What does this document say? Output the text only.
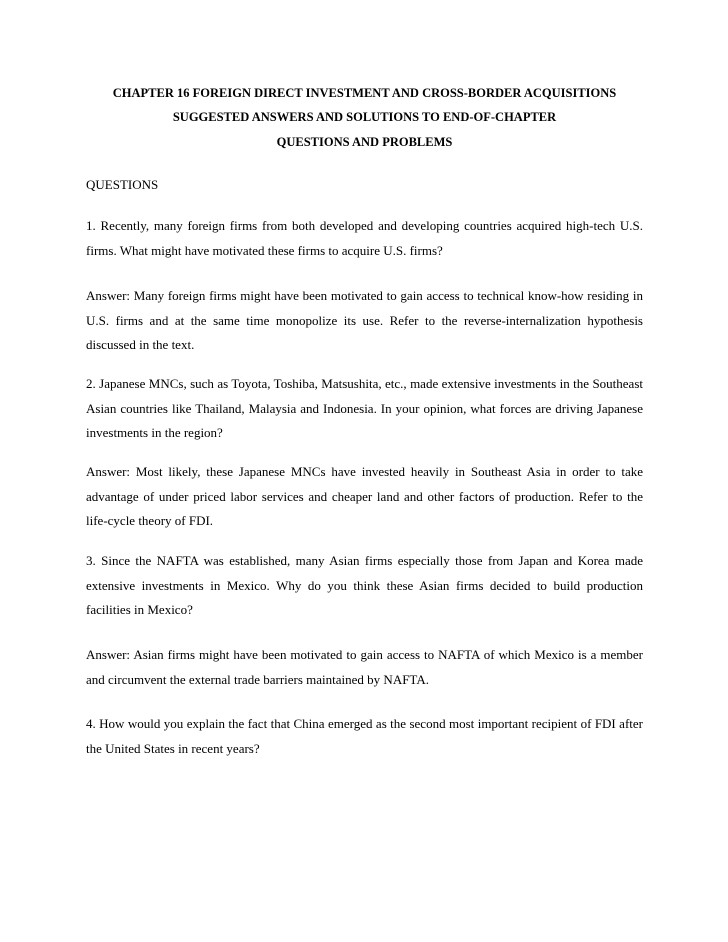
CHAPTER 16 FOREIGN DIRECT INVESTMENT AND CROSS-BORDER ACQUISITIONS
SUGGESTED ANSWERS AND SOLUTIONS TO END-OF-CHAPTER
QUESTIONS AND PROBLEMS
QUESTIONS

1. Recently, many foreign firms from both developed and developing countries acquired high-tech U.S. firms. What might have motivated these firms to acquire U.S. firms?

Answer: Many foreign firms might have been motivated to gain access to technical know-how residing in U.S. firms and at the same time monopolize its use. Refer to the reverse-internalization hypothesis discussed in the text.

2. Japanese MNCs, such as Toyota, Toshiba, Matsushita, etc., made extensive investments in the Southeast Asian countries like Thailand, Malaysia and Indonesia. In your opinion, what forces are driving Japanese investments in the region?

Answer: Most likely, these Japanese MNCs have invested heavily in Southeast Asia in order to take advantage of under priced labor services and cheaper land and other factors of production. Refer to the life-cycle theory of FDI.

3. Since the NAFTA was established, many Asian firms especially those from Japan and Korea made extensive investments in Mexico. Why do you think these Asian firms decided to build production facilities in Mexico?

Answer: Asian firms might have been motivated to gain access to NAFTA of which Mexico is a member and circumvent the external trade barriers maintained by NAFTA.

4. How would you explain the fact that China emerged as the second most important recipient of FDI after the United States in recent years?
